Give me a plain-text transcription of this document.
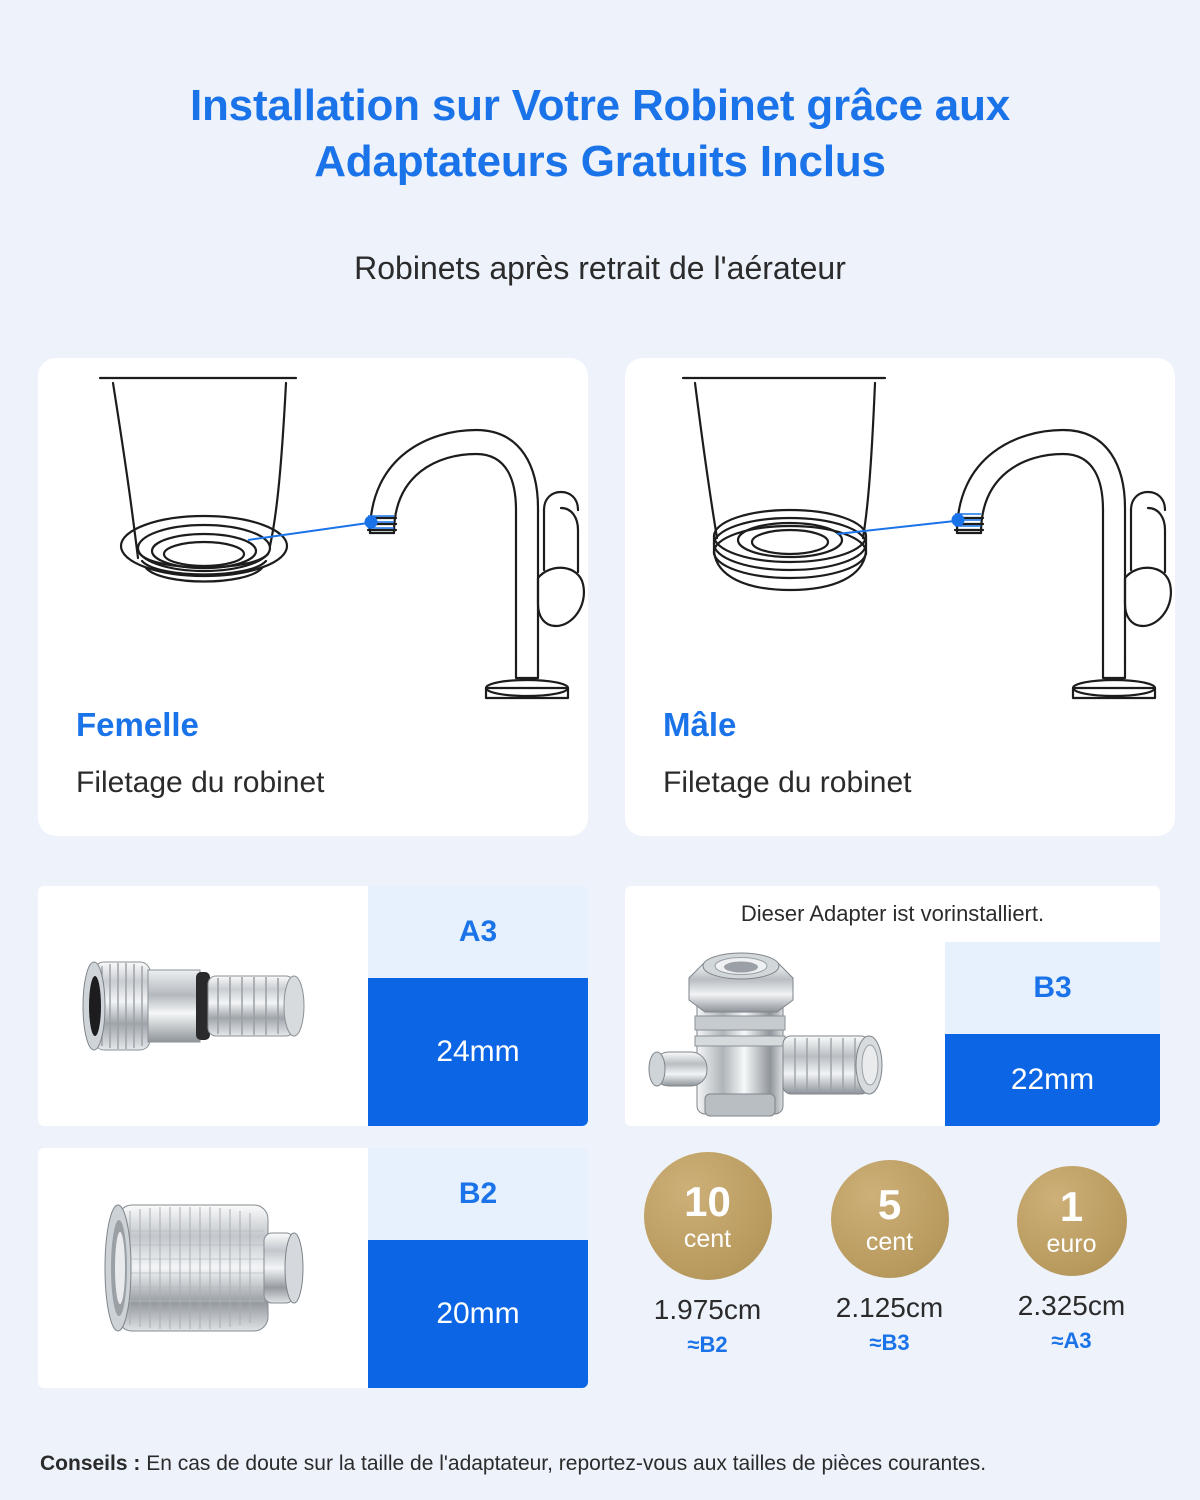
Installation sur Votre Robinet grâce aux Adaptateurs Gratuits Inclus
Robinets après retrait de l'aérateur
Femelle
Filetage du robinet
Mâle
Filetage du robinet
A3
24mm
B2
20mm
Dieser Adapter ist vorinstalliert.
B3
22mm
10
cent
1.975cm
≈B2
5
cent
2.125cm
≈B3
1
euro
2.325cm
≈A3
Conseils : En cas de doute sur la taille de l'adaptateur, reportez-vous aux tailles de pièces courantes.
